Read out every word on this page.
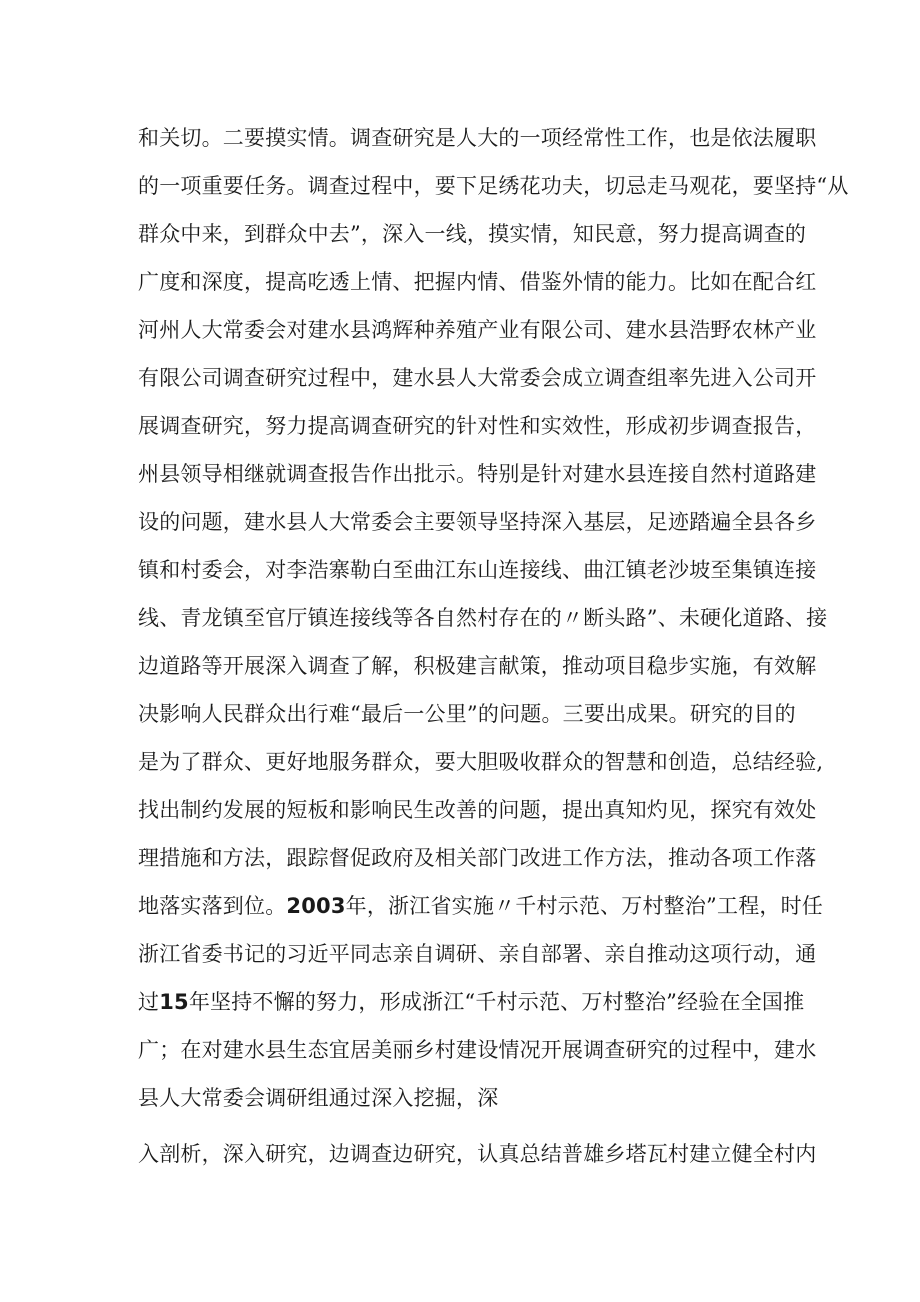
和关切。二要摸实情。调查研究是人大的一项经常性工作，也是依法履职
的一项重要任务。调查过程中，要下足绣花功夫，切忌走马观花，要坚持“从
群众中来，到群众中去”，深入一线，摸实情，知民意，努力提高调查的
广度和深度，提高吃透上情、把握内情、借鉴外情的能力。比如在配合红
河州人大常委会对建水县鸿辉种养殖产业有限公司、建水县浩野农林产业
有限公司调查研究过程中，建水县人大常委会成立调查组率先进入公司开
展调查研究，努力提高调查研究的针对性和实效性，形成初步调查报告，
州县领导相继就调查报告作出批示。特别是针对建水县连接自然村道路建
设的问题，建水县人大常委会主要领导坚持深入基层，足迹踏遍全县各乡
镇和村委会，对李浩寨勒白至曲江东山连接线、曲江镇老沙坡至集镇连接
线、青龙镇至官厅镇连接线等各自然村存在的〃断头路”、未硬化道路、接
边道路等开展深入调查了解，积极建言献策，推动项目稳步实施，有效解
决影响人民群众出行难“最后一公里”的问题。三要出成果。研究的目的
是为了群众、更好地服务群众，要大胆吸收群众的智慧和创造，总结经验,
找出制约发展的短板和影响民生改善的问题，提出真知灼见，探究有效处
理措施和方法，跟踪督促政府及相关部门改进工作方法，推动各项工作落
地落实落到位。2003年，浙江省实施〃千村示范、万村整治”工程，时任
浙江省委书记的习近平同志亲自调研、亲自部署、亲自推动这项行动，通
过15年坚持不懈的努力，形成浙江“千村示范、万村整治”经验在全国推
广；在对建水县生态宜居美丽乡村建设情况开展调查研究的过程中，建水
县人大常委会调研组通过深入挖掘，深
入剖析，深入研究，边调查边研究，认真总结普雄乡塔瓦村建立健全村内
